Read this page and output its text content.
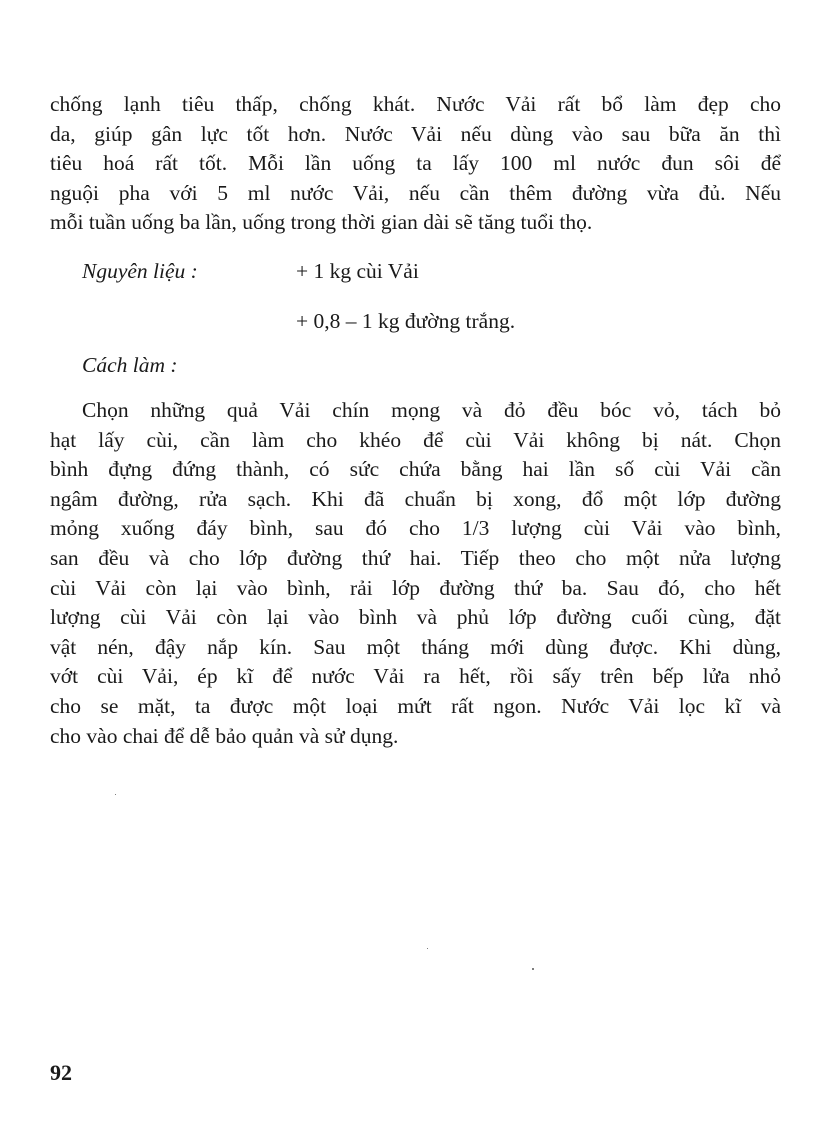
chống lạnh tiêu thấp, chống khát. Nước Vải rất bổ làm đẹp cho
da, giúp gân lực tốt hơn. Nước Vải nếu dùng vào sau bữa ăn thì
tiêu hoá rất tốt. Mỗi lần uống ta lấy 100 ml nước đun sôi để
nguội pha với 5 ml nước Vải, nếu cần thêm đường vừa đủ. Nếu
mỗi tuần uống ba lần, uống trong thời gian dài sẽ tăng tuổi thọ.
Nguyên liệu :	+ 1 kg cùi Vải
+ 0,8 – 1 kg đường trắng.
Cách làm :
Chọn những quả Vải chín mọng và đỏ đều bóc vỏ, tách bỏ
hạt lấy cùi, cần làm cho khéo để cùi Vải không bị nát. Chọn
bình đựng đứng thành, có sức chứa bằng hai lần số cùi Vải cần
ngâm đường, rửa sạch. Khi đã chuẩn bị xong, đổ một lớp đường
mỏng xuống đáy bình, sau đó cho 1/3 lượng cùi Vải vào bình,
san đều và cho lớp đường thứ hai. Tiếp theo cho một nửa lượng
cùi Vải còn lại vào bình, rải lớp đường thứ ba. Sau đó, cho hết
lượng cùi Vải còn lại vào bình và phủ lớp đường cuối cùng, đặt
vật nén, đậy nắp kín. Sau một tháng mới dùng được. Khi dùng,
vớt cùi Vải, ép kĩ để nước Vải ra hết, rồi sấy trên bếp lửa nhỏ
cho se mặt, ta được một loại mứt rất ngon. Nước Vải lọc kĩ và
cho vào chai để dễ bảo quản và sử dụng.
92
